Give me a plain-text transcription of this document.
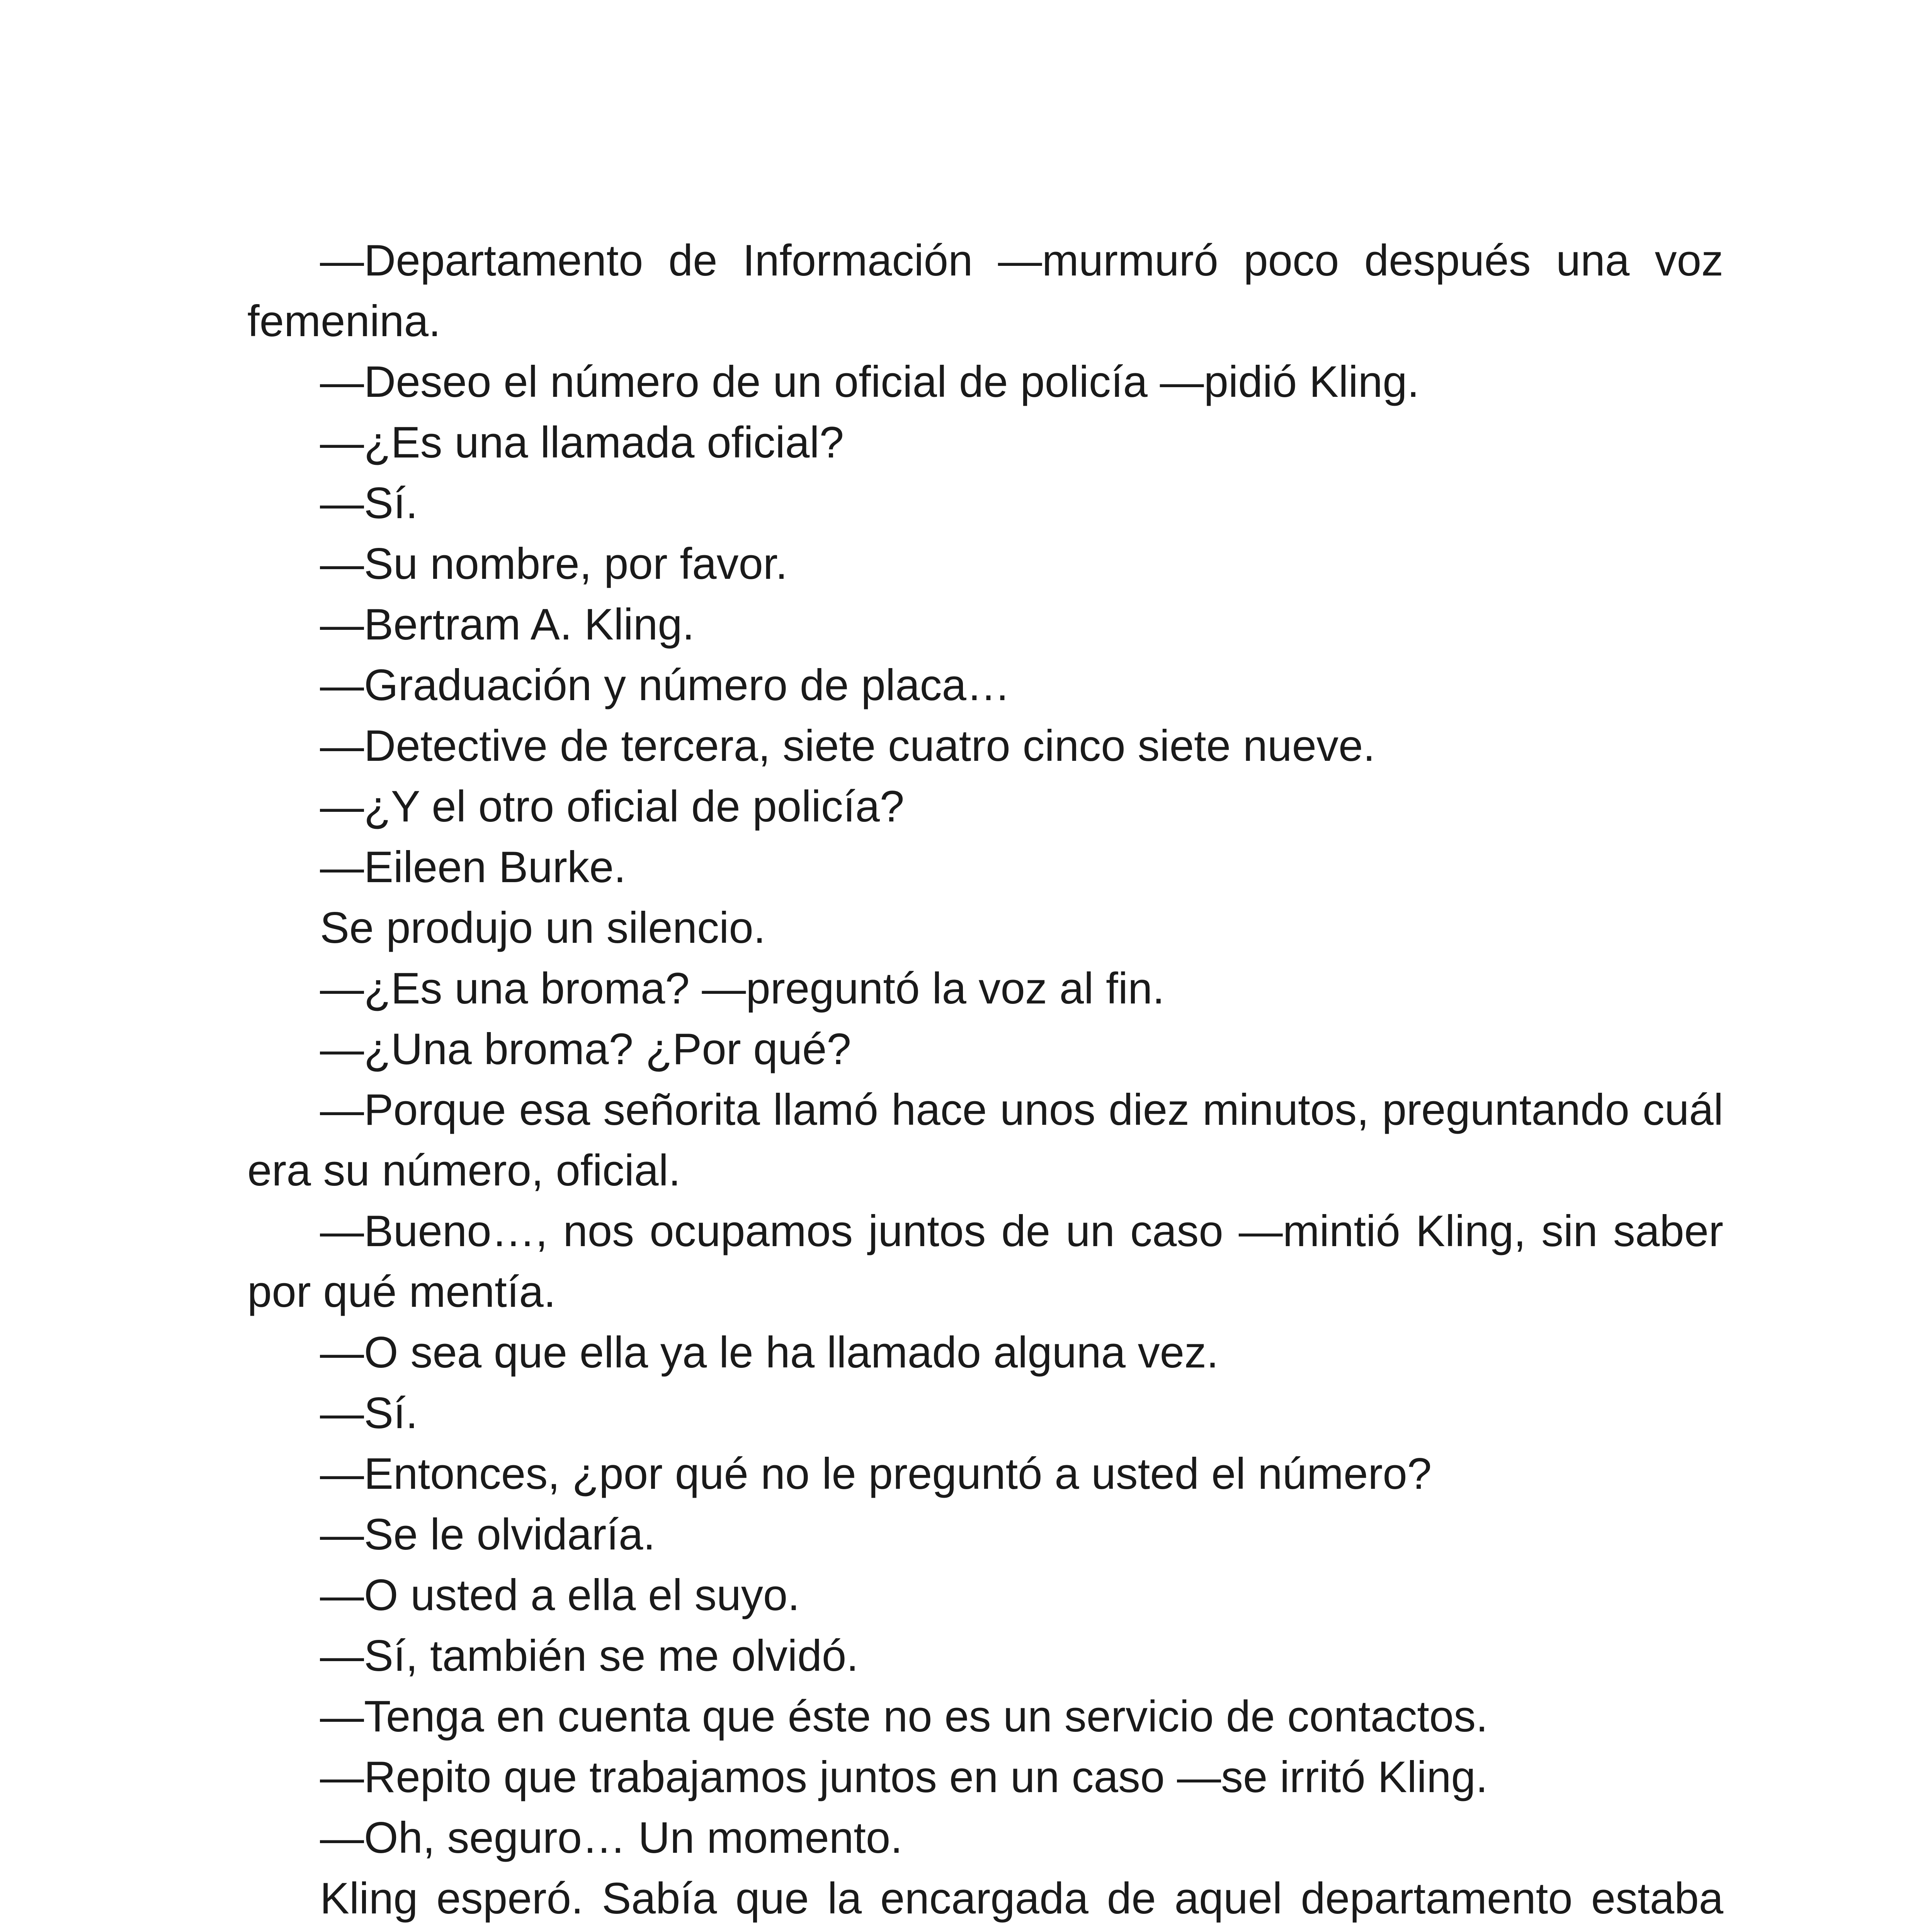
—Departamento de Información —murmuró poco después una voz femenina.

—Deseo el número de un oficial de policía —pidió Kling.

—¿Es una llamada oficial?

—Sí.

—Su nombre, por favor.

—Bertram A. Kling.

—Graduación y número de placa…

—Detective de tercera, siete cuatro cinco siete nueve.

—¿Y el otro oficial de policía?

—Eileen Burke.

Se produjo un silencio.

—¿Es una broma? —preguntó la voz al fin.

—¿Una broma? ¿Por qué?

—Porque esa señorita llamó hace unos diez minutos, preguntando cuál era su número, oficial.

—Bueno…, nos ocupamos juntos de un caso —mintió Kling, sin saber por qué mentía.

—O sea que ella ya le ha llamado alguna vez.

—Sí.

—Entonces, ¿por qué no le preguntó a usted el número?

—Se le olvidaría.

—O usted a ella el suyo.

—Sí, también se me olvidó.

—Tenga en cuenta que éste no es un servicio de contactos.

—Repito que trabajamos juntos en un caso —se irritó Kling.

—Oh, seguro… Un momento.

Kling esperó. Sabía que la encargada de aquel departamento estaba
